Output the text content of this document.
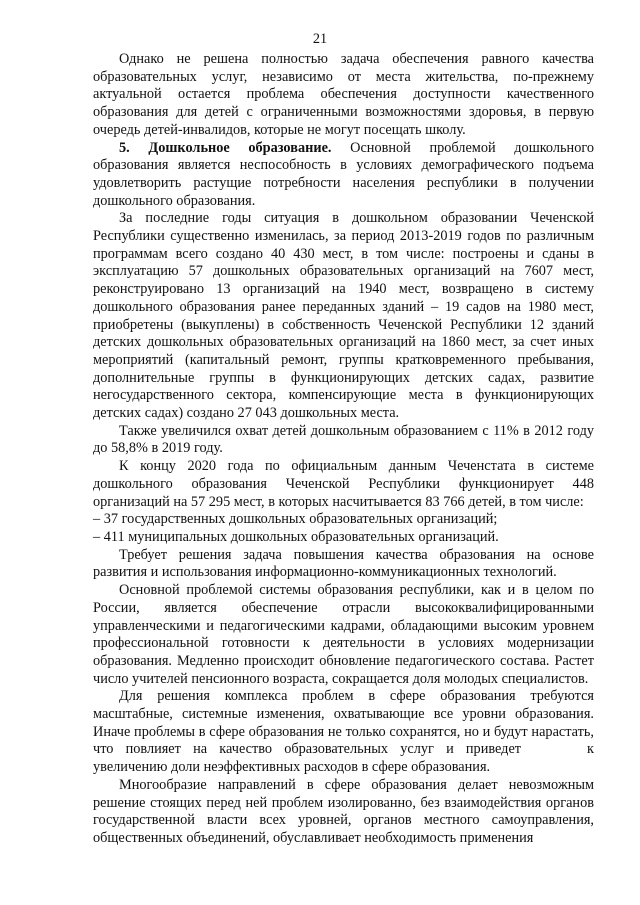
21

Однако не решена полностью задача обеспечения равного качества образовательных услуг, независимо от места жительства, по-прежнему актуальной остается проблема обеспечения доступности качественного образования для детей с ограниченными возможностями здоровья, в первую очередь детей-инвалидов, которые не могут посещать школу.

5. Дошкольное образование. Основной проблемой дошкольного образования является неспособность в условиях демографического подъема удовлетворить растущие потребности населения республики в получении дошкольного образования.

За последние годы ситуация в дошкольном образовании Чеченской Республики существенно изменилась, за период 2013-2019 годов по различным программам всего создано 40 430 мест, в том числе: построены и сданы в эксплуатацию 57 дошкольных образовательных организаций на 7607 мест, реконструировано 13 организаций на 1940 мест, возвращено в систему дошкольного образования ранее переданных зданий – 19 садов на 1980 мест, приобретены (выкуплены) в собственность Чеченской Республики 12 зданий детских дошкольных образовательных организаций на 1860 мест, за счет иных мероприятий (капитальный ремонт, группы кратковременного пребывания, дополнительные группы в функционирующих детских садах, развитие негосударственного сектора, компенсирующие места в функционирующих детских садах) создано 27 043 дошкольных места.

Также увеличился охват детей дошкольным образованием с 11% в 2012 году до 58,8% в 2019 году.

К концу 2020 года по официальным данным Чеченстата в системе дошкольного образования Чеченской Республики функционирует 448 организаций на 57 295 мест, в которых насчитывается 83 766 детей, в том числе:

– 37 государственных дошкольных образовательных организаций;

– 411 муниципальных дошкольных образовательных организаций.

Требует решения задача повышения качества образования на основе развития и использования информационно-коммуникационных технологий.

Основной проблемой системы образования республики, как и в целом по России, является обеспечение отрасли высококвалифицированными управленческими и педагогическими кадрами, обладающими высоким уровнем профессиональной готовности к деятельности в условиях модернизации образования. Медленно происходит обновление педагогического состава. Растет число учителей пенсионного возраста, сокращается доля молодых специалистов.

Для решения комплекса проблем в сфере образования требуются масштабные, системные изменения, охватывающие все уровни образования. Иначе проблемы в сфере образования не только сохранятся, но и будут нарастать, что повлияет на качество образовательных услуг и приведет	к увеличению доли неэффективных расходов в сфере образования.

Многообразие направлений в сфере образования делает невозможным решение стоящих перед ней проблем изолированно, без взаимодействия органов государственной власти всех уровней, органов местного самоуправления, общественных объединений, обуславливает необходимость применения
